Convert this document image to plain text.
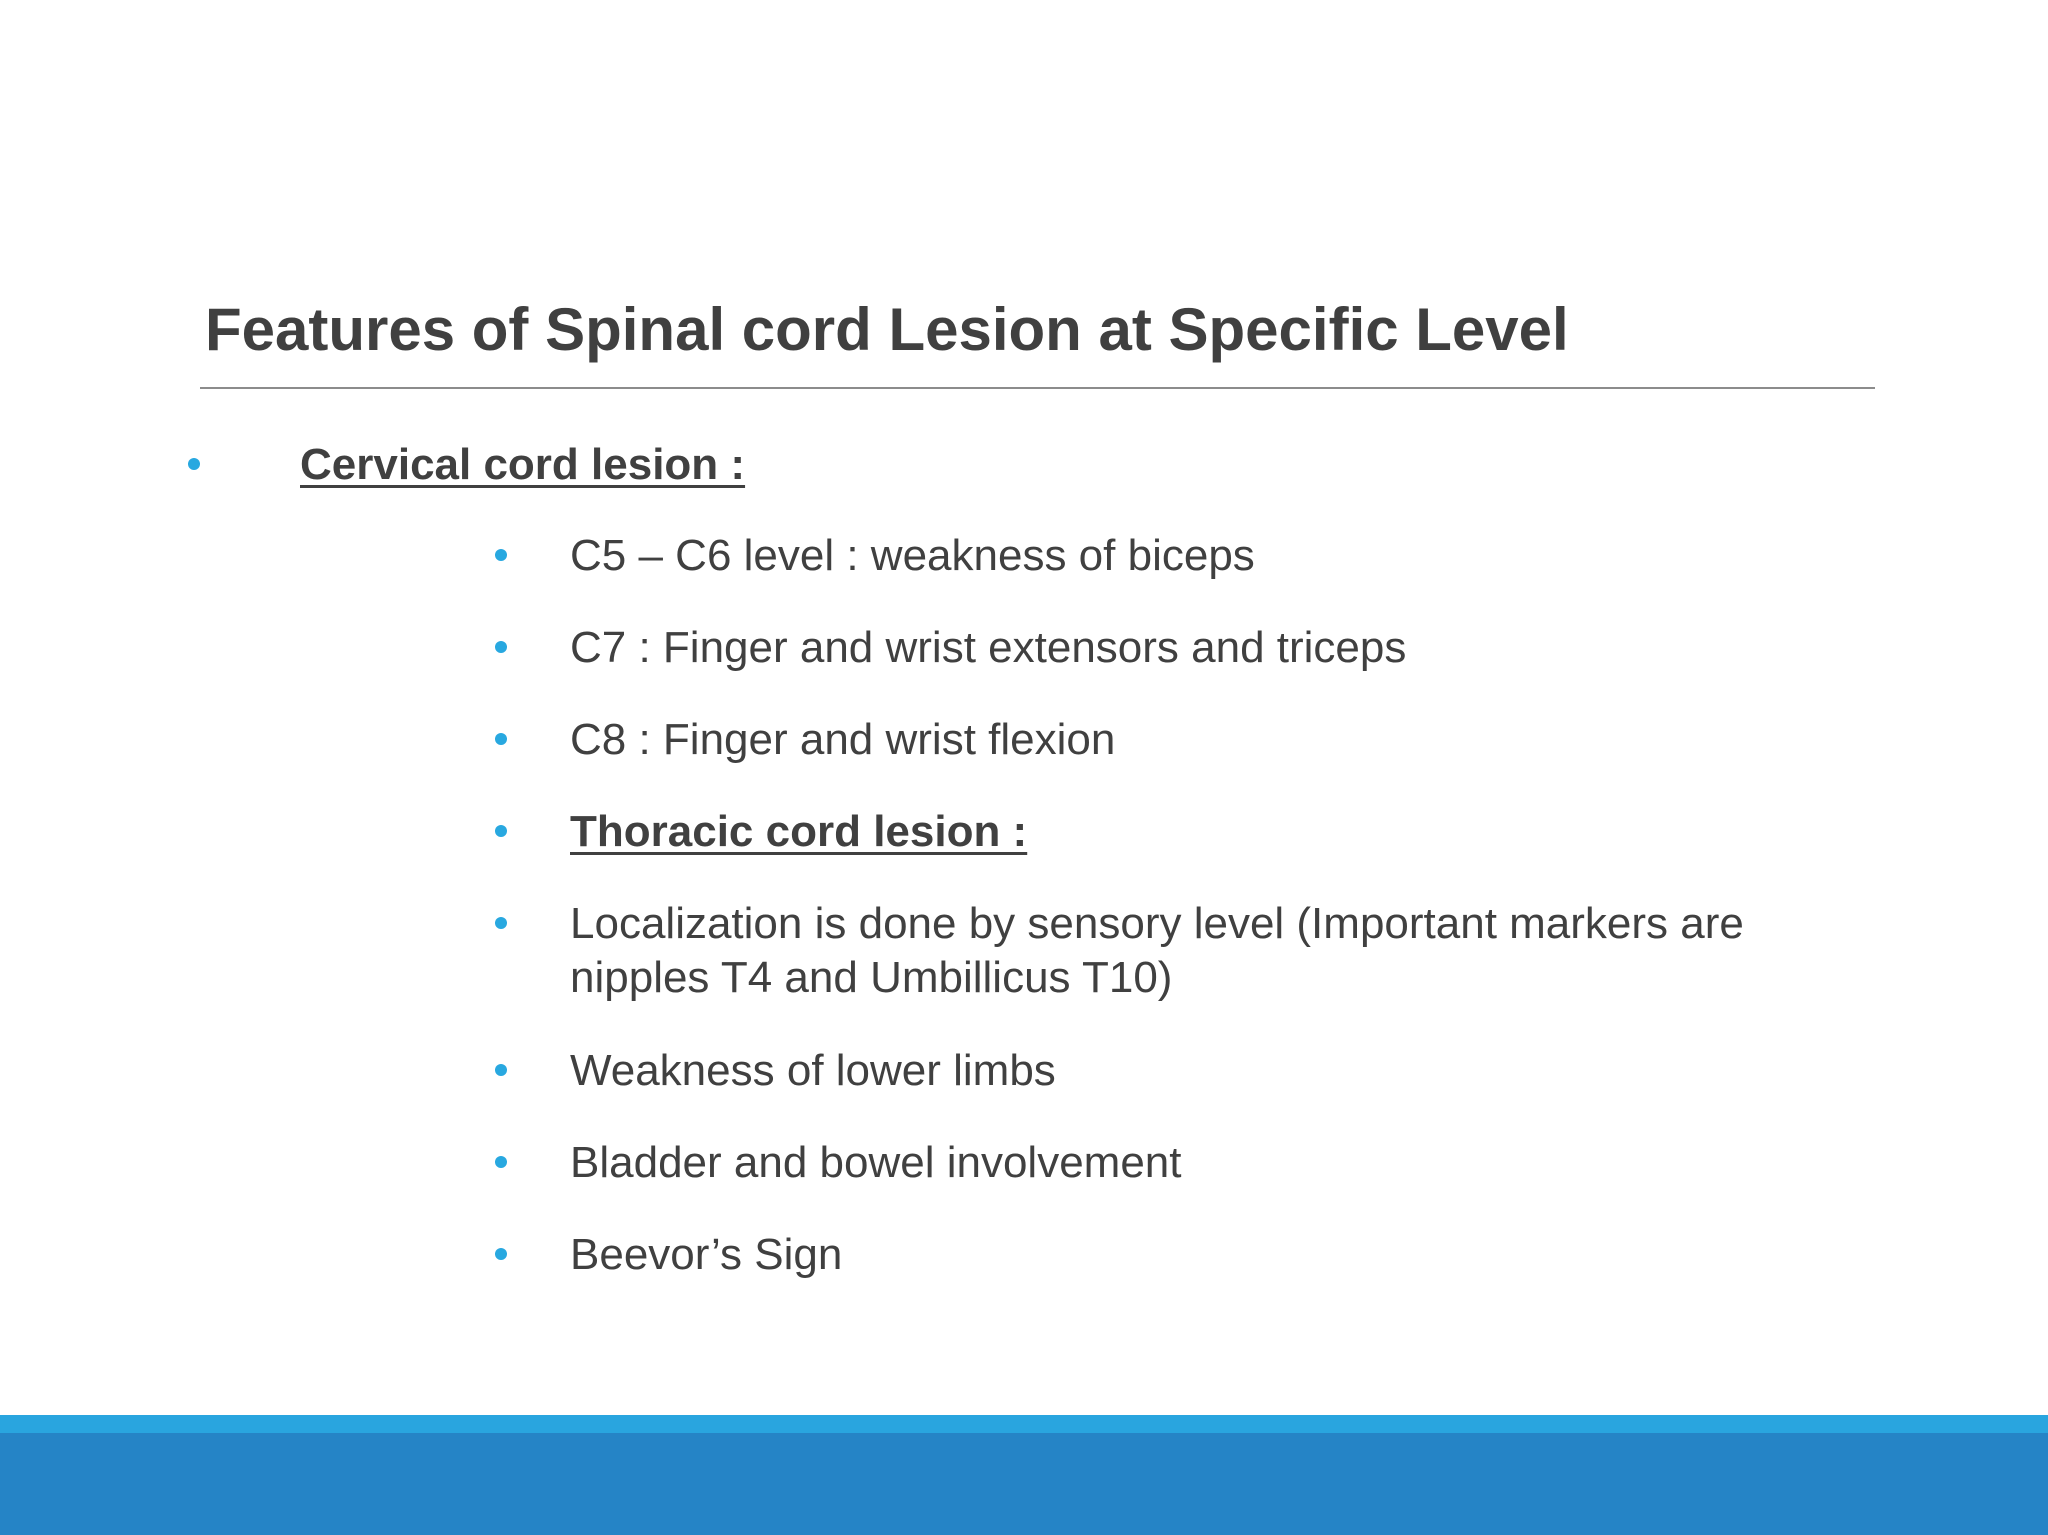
Features of Spinal cord Lesion at Specific Level
Cervical cord lesion :
C5 – C6 level : weakness of biceps
C7 : Finger and wrist extensors and triceps
C8 : Finger and wrist flexion
Thoracic cord lesion :
Localization is done by sensory level (Important markers are
nipples T4 and Umbillicus T10)
Weakness of lower limbs
Bladder and bowel involvement
Beevor’s Sign
